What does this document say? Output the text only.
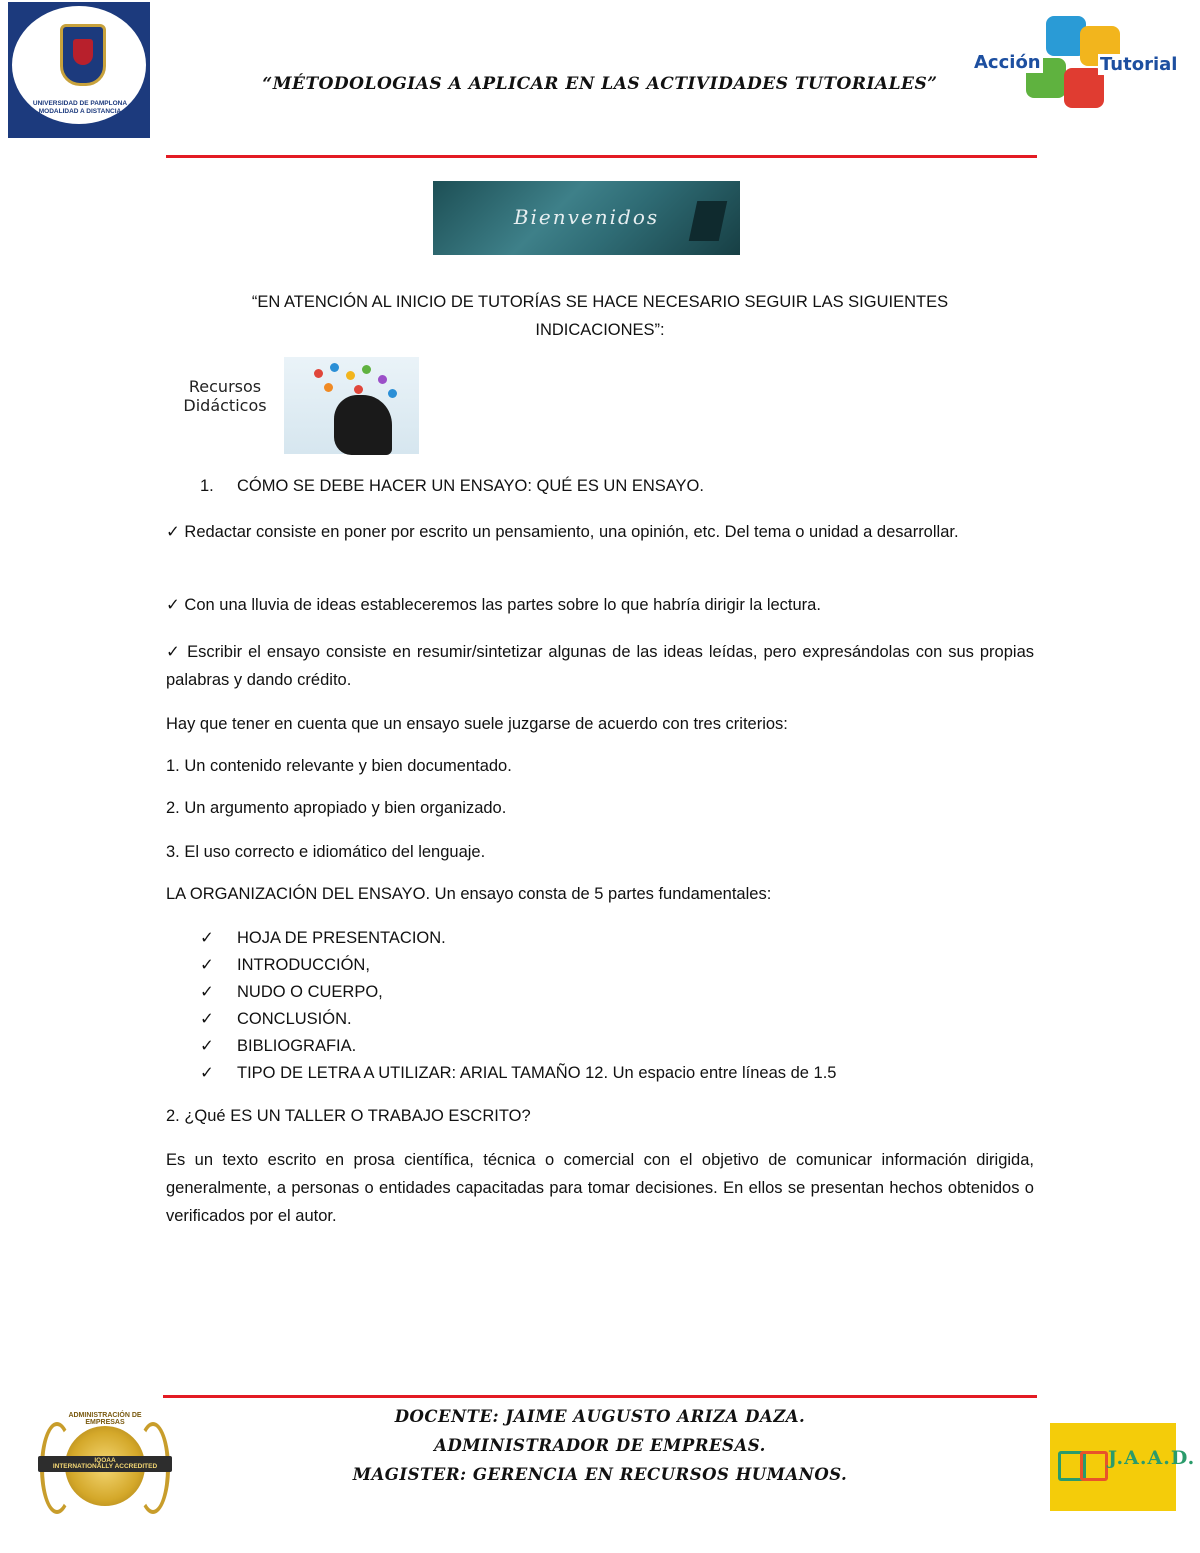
UNIVERSIDAD DE PAMPLONA
MODALIDAD A DISTANCIA
“MÉTODOLOGIAS A APLICAR EN LAS ACTIVIDADES TUTORIALES”
Acción	Tutorial
Bienvenidos
“EN ATENCIÓN AL INICIO DE TUTORÍAS SE HACE NECESARIO SEGUIR LAS SIGUIENTES
INDICACIONES”:
Recursos
Didácticos
1. CÓMO SE DEBE HACER UN ENSAYO: QUÉ ES UN ENSAYO.
✓ Redactar consiste en poner por escrito un pensamiento, una opinión, etc. Del tema o unidad a desarrollar.
✓ Con una lluvia de ideas estableceremos las partes sobre lo que habría dirigir la lectura.
✓ Escribir el ensayo consiste en resumir/sintetizar algunas de las ideas leídas, pero expresándolas con sus propias palabras y dando crédito.
Hay que tener en cuenta que un ensayo suele juzgarse de acuerdo con tres criterios:
1. Un contenido relevante y bien documentado.
2. Un argumento apropiado y bien organizado.
3. El uso correcto e idiomático del lenguaje.
LA ORGANIZACIÓN DEL ENSAYO. Un ensayo consta de 5 partes fundamentales:
✓ HOJA DE PRESENTACION.
✓ INTRODUCCIÓN,
✓ NUDO O CUERPO,
✓ CONCLUSIÓN.
✓ BIBLIOGRAFIA.
✓ TIPO DE LETRA A UTILIZAR: ARIAL TAMAÑO 12. Un espacio entre líneas de 1.5
2. ¿Qué ES UN TALLER O TRABAJO ESCRITO?
Es un texto escrito en prosa científica, técnica o comercial con el objetivo de comunicar información dirigida, generalmente, a personas o entidades capacitadas para tomar decisiones. En ellos se presentan hechos obtenidos o verificados por el autor.
ADMINISTRACIÓN DE EMPRESAS
IQOAA
INTERNATIONALLY ACCREDITED
DOCENTE: JAIME AUGUSTO ARIZA DAZA.
ADMINISTRADOR DE EMPRESAS.
MAGISTER: GERENCIA EN RECURSOS HUMANOS.
J.A.A.D.
